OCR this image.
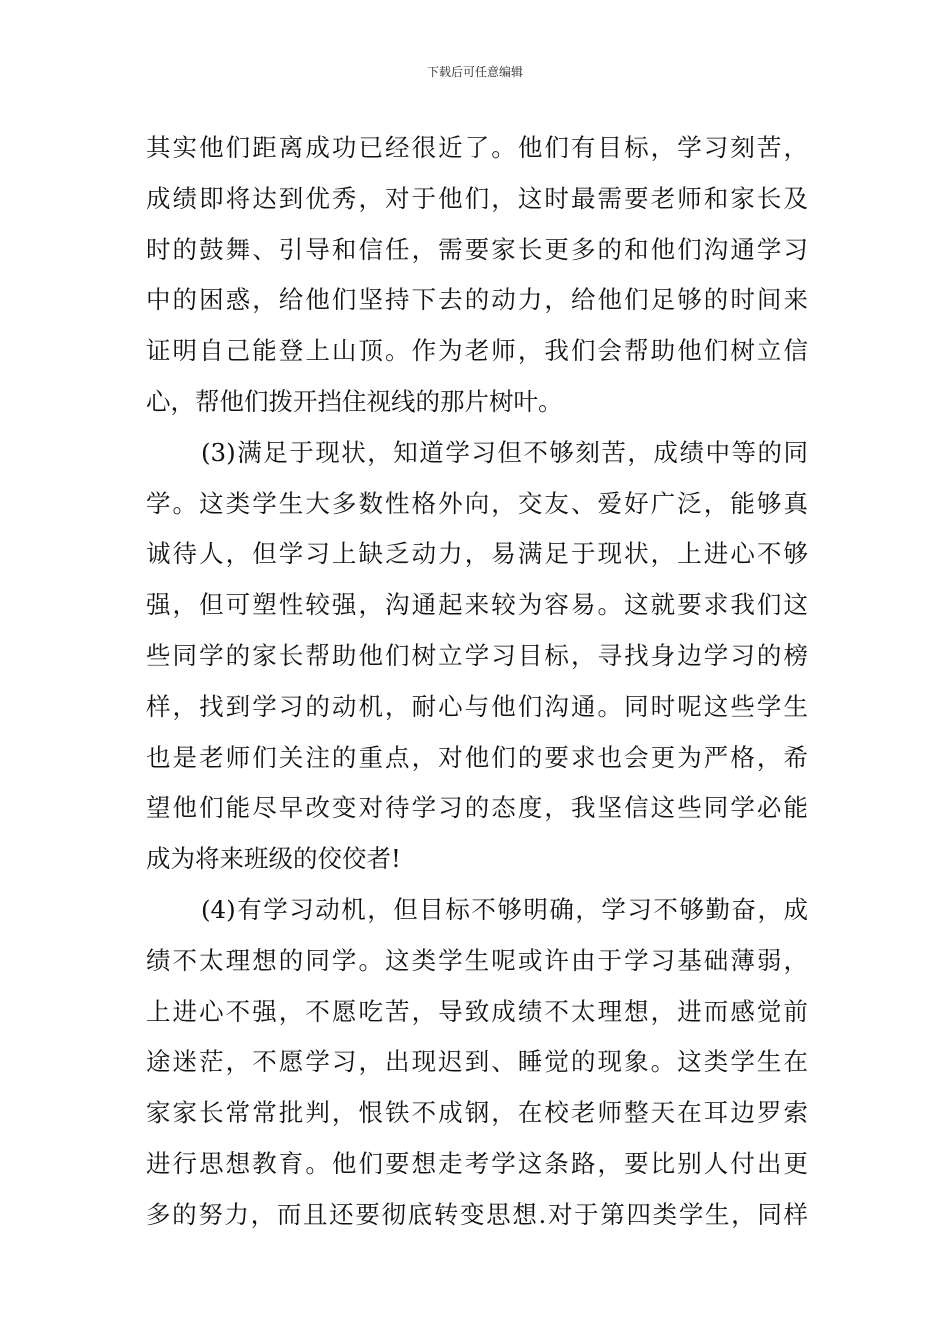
下载后可任意编辑
其实他们距离成功已经很近了。他们有目标，学习刻苦，
成绩即将达到优秀，对于他们，这时最需要老师和家长及
时的鼓舞、引导和信任，需要家长更多的和他们沟通学习
中的困惑，给他们坚持下去的动力，给他们足够的时间来
证明自己能登上山顶。作为老师，我们会帮助他们树立信
心，帮他们拨开挡住视线的那片树叶。
(3)满足于现状，知道学习但不够刻苦，成绩中等的同
学。这类学生大多数性格外向，交友、爱好广泛，能够真
诚待人，但学习上缺乏动力，易满足于现状，上进心不够
强，但可塑性较强，沟通起来较为容易。这就要求我们这
些同学的家长帮助他们树立学习目标，寻找身边学习的榜
样，找到学习的动机，耐心与他们沟通。同时呢这些学生
也是老师们关注的重点，对他们的要求也会更为严格，希
望他们能尽早改变对待学习的态度，我坚信这些同学必能
成为将来班级的佼佼者!
(4)有学习动机，但目标不够明确，学习不够勤奋，成
绩不太理想的同学。这类学生呢或许由于学习基础薄弱，
上进心不强，不愿吃苦，导致成绩不太理想，进而感觉前
途迷茫，不愿学习，出现迟到、睡觉的现象。这类学生在
家家长常常批判，恨铁不成钢，在校老师整天在耳边罗索
进行思想教育。他们要想走考学这条路，要比别人付出更
多的努力，而且还要彻底转变思想.对于第四类学生，同样
